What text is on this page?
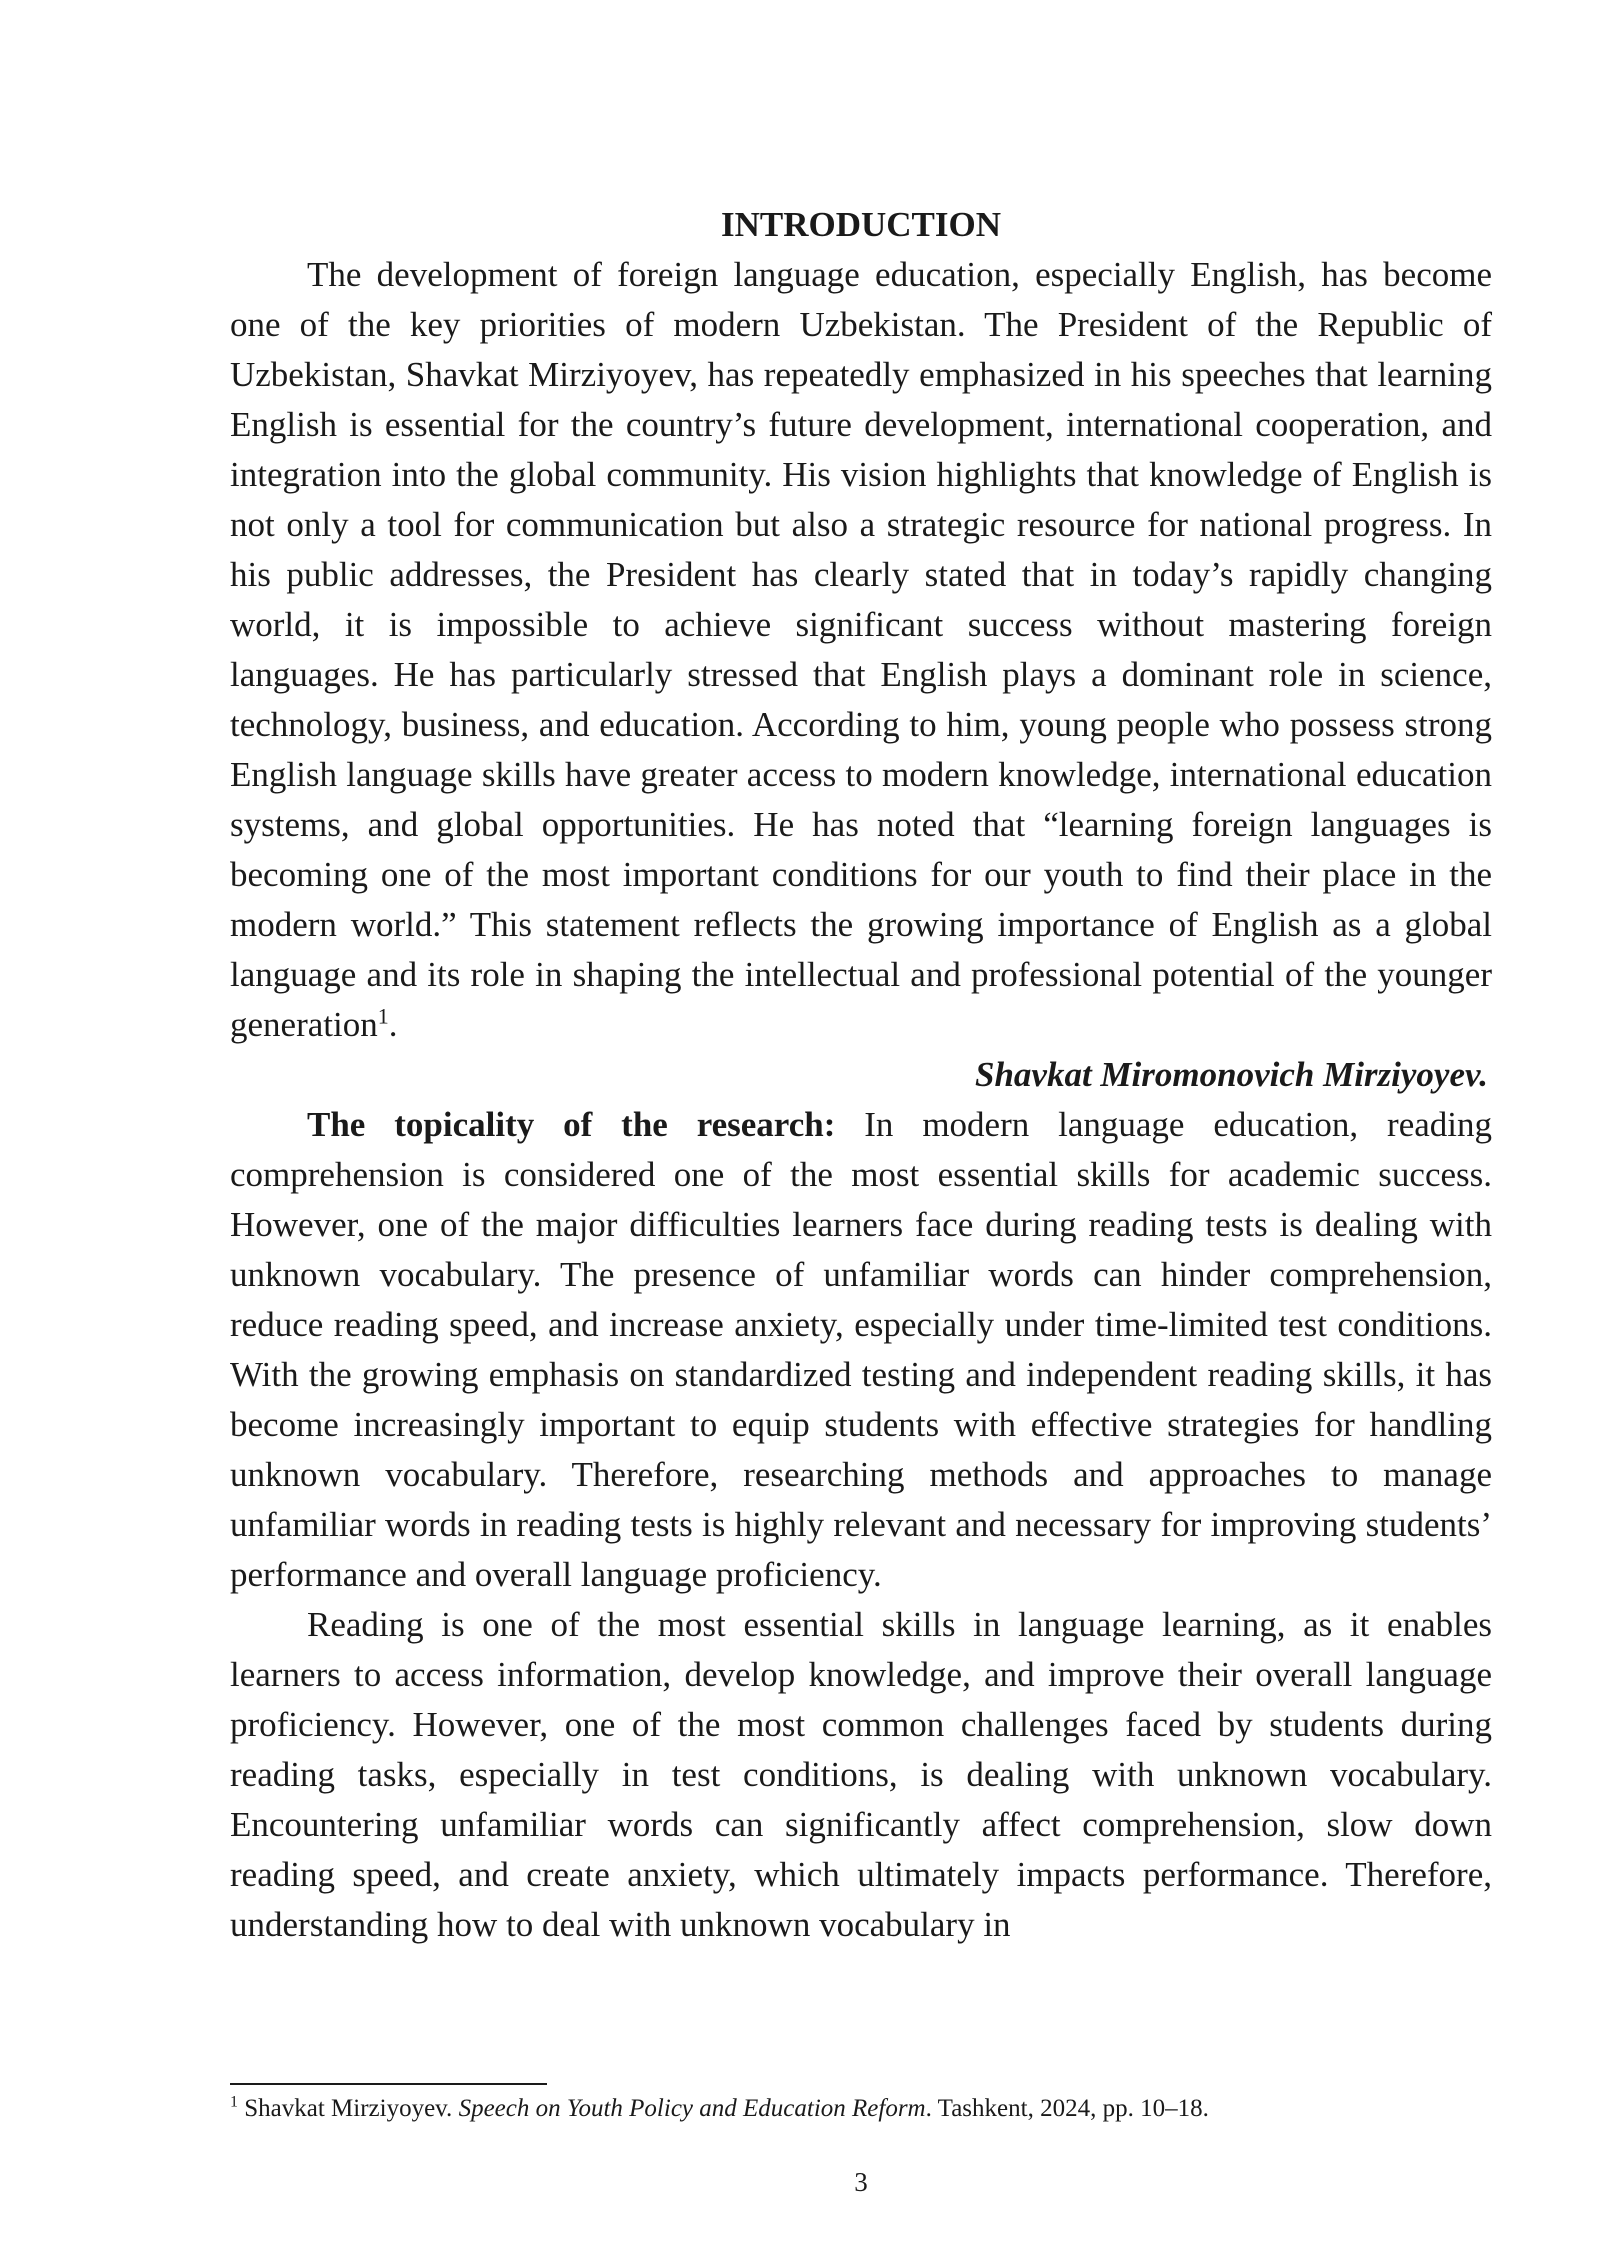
INTRODUCTION

The development of foreign language education, especially English, has become one of the key priorities of modern Uzbekistan. The President of the Republic of Uzbekistan, Shavkat Mirziyoyev, has repeatedly emphasized in his speeches that learning English is essential for the country’s future development, international cooperation, and integration into the global community. His vision highlights that knowledge of English is not only a tool for communication but also a strategic resource for national progress. In his public addresses, the President has clearly stated that in today’s rapidly changing world, it is impossible to achieve significant success without mastering foreign languages. He has particularly stressed that English plays a dominant role in science, technology, business, and education. According to him, young people who possess strong English language skills have greater access to modern knowledge, international education systems, and global opportunities. He has noted that “learning foreign languages is becoming one of the most important conditions for our youth to find their place in the modern world.” This statement reflects the growing importance of English as a global language and its role in shaping the intellectual and professional potential of the younger generation$^1$.

Shavkat Miromonovich Mirziyoyev.

The topicality of the research: In modern language education, reading comprehension is considered one of the most essential skills for academic success. However, one of the major difficulties learners face during reading tests is dealing with unknown vocabulary. The presence of unfamiliar words can hinder comprehension, reduce reading speed, and increase anxiety, especially under time-limited test conditions. With the growing emphasis on standardized testing and independent reading skills, it has become increasingly important to equip students with effective strategies for handling unknown vocabulary. Therefore, researching methods and approaches to manage unfamiliar words in reading tests is highly relevant and necessary for improving students’ performance and overall language proficiency.

Reading is one of the most essential skills in language learning, as it enables learners to access information, develop knowledge, and improve their overall language proficiency. However, one of the most common challenges faced by students during reading tasks, especially in test conditions, is dealing with unknown vocabulary. Encountering unfamiliar words can significantly affect comprehension, slow down reading speed, and create anxiety, which ultimately impacts performance. Therefore, understanding how to deal with unknown vocabulary in

$^1$ Shavkat Mirziyoyev. Speech on Youth Policy and Education Reform. Tashkent, 2024, pp. 10–18.

3
